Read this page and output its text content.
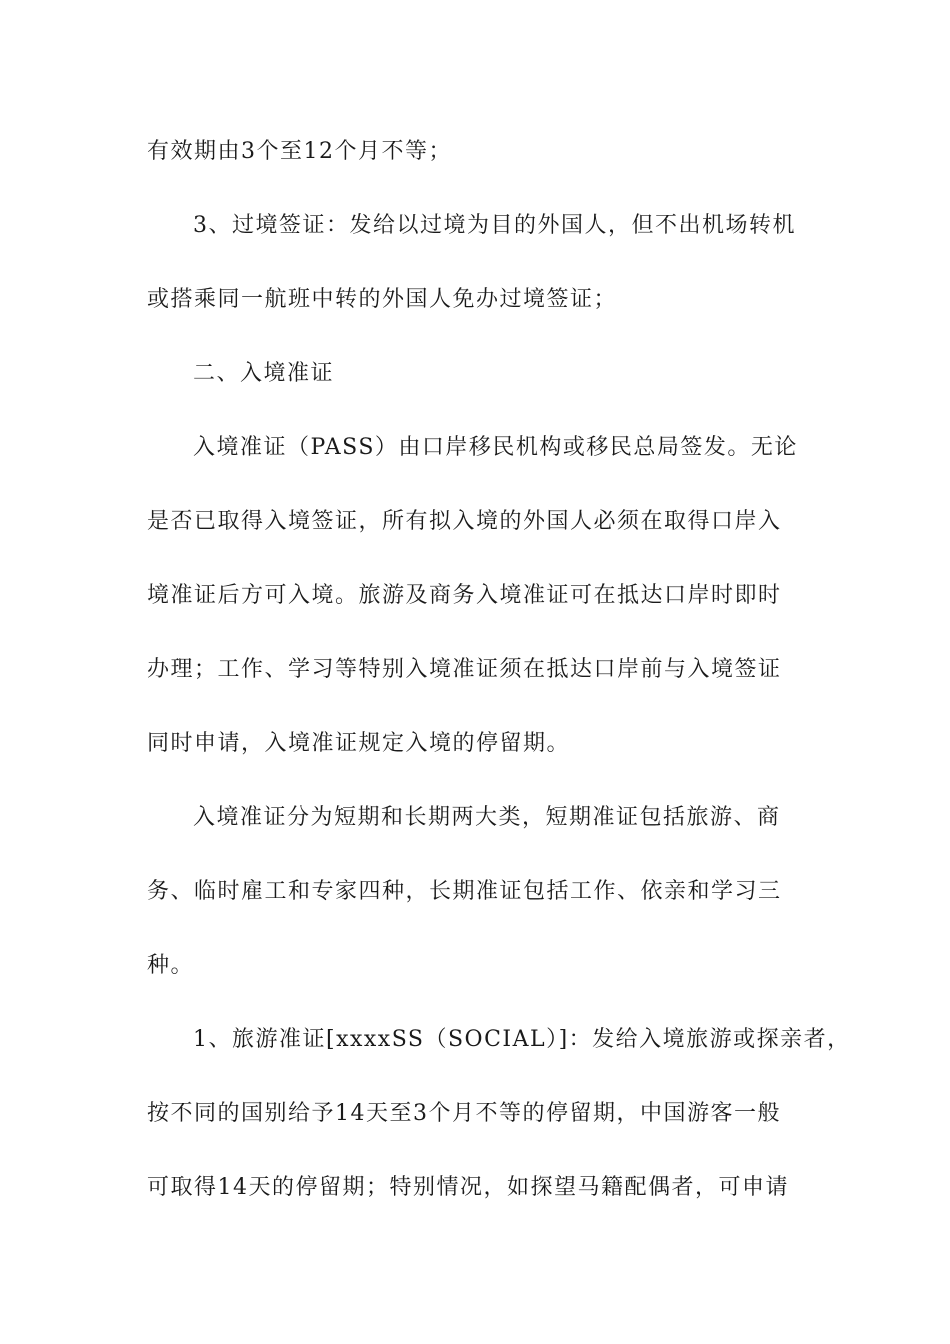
有效期由3个至12个月不等；
3、过境签证：发给以过境为目的外国人，但不出机场转机
或搭乘同一航班中转的外国人免办过境签证；
二、入境准证
入境准证（PASS）由口岸移民机构或移民总局签发。无论
是否已取得入境签证，所有拟入境的外国人必须在取得口岸入
境准证后方可入境。旅游及商务入境准证可在抵达口岸时即时
办理；工作、学习等特别入境准证须在抵达口岸前与入境签证
同时申请，入境准证规定入境的停留期。
入境准证分为短期和长期两大类，短期准证包括旅游、商
务、临时雇工和专家四种，长期准证包括工作、依亲和学习三
种。
1、旅游准证[xxxxSS（SOCIAL）]：发给入境旅游或探亲者，
按不同的国别给予14天至3个月不等的停留期，中国游客一般
可取得14天的停留期；特别情况，如探望马籍配偶者，可申请
